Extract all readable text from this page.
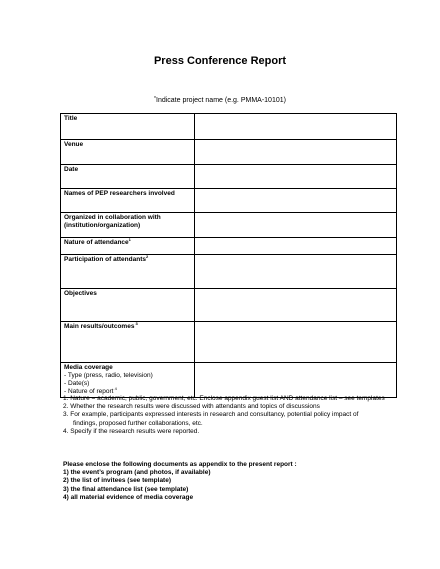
Press Conference Report
*Indicate project name (e.g. PMMA-10101)
Title	
Venue	
Date	
Names of PEP researchers involved	
Organized in collaboration with (institution/organization)	
Nature of attendance$^1$	
Participation of attendants$^2$	
Objectives	
Main results/outcomes $^3$	

Media coverage
- Type (press, radio, television)
- Date(s)
- Nature of report $^4$

1. Nature = academic, public, government, etc. Enclose appendix guest list AND attendance list – see templates
2. Whether the research results were discussed with attendants and topics of discussions
3. For example, participants expressed interests in research and consultancy, potential policy impact of
findings, proposed further collaborations, etc.
4. Specify if the research results were reported.
Please enclose the following documents as appendix to the present report :
1) the event’s program (and photos, if available)
2) the list of invitees (see template)
3) the final attendance list (see template)
4) all material evidence of media coverage
